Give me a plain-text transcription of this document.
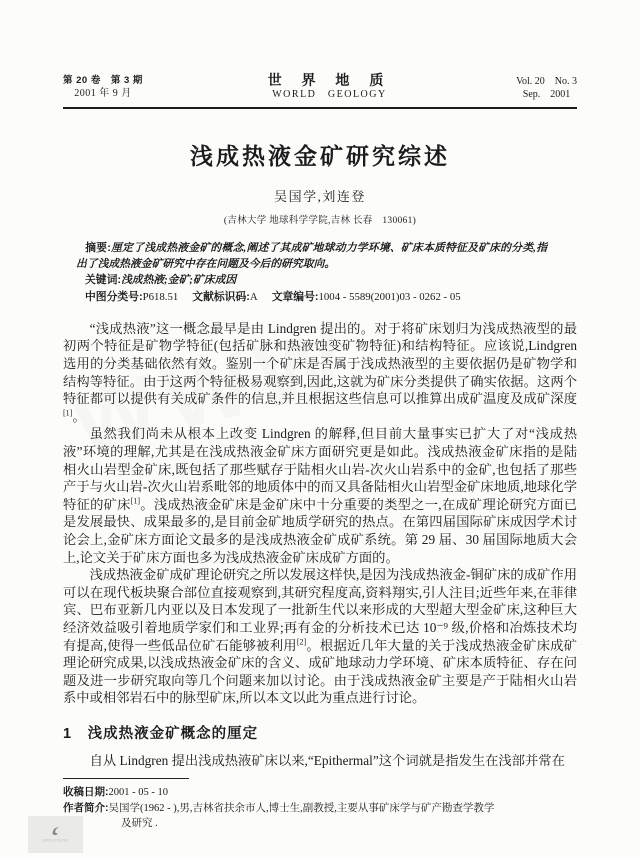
第 20 卷　第 3 期
2001 年 9 月
世 界 地 质
WORLD　GEOLOGY
Vol. 20　No. 3
Sep.　2001
浅成热液金矿研究综述
吴国学,刘连登
(吉林大学 地球科学学院,吉林 长春　130061)

摘要:厘定了浅成热液金矿的概念,阐述了其成矿地球动力学环境、矿床本质特征及矿床的分类,指出了浅成热液金矿研究中存在问题及今后的研究取向。

关键词:浅成热液;金矿;矿床成因

中图分类号:P618.51 文献标识码:A 文章编号:1004 - 5589(2001)03 - 0262 - 05

“浅成热液”这一概念最早是由 Lindgren 提出的。对于将矿床划归为浅成热液型的最初两个特征是矿物学特征(包括矿脉和热液蚀变矿物特征)和结构特征。应该说,Lindgren 选用的分类基础依然有效。鉴别一个矿床是否属于浅成热液型的主要依据仍是矿物学和结构等特征。由于这两个特征极易观察到,因此,这就为矿床分类提供了确实依据。这两个特征都可以提供有关成矿条件的信息,并且根据这些信息可以推算出成矿温度及成矿深度[1]。

虽然我们尚未从根本上改变 Lindgren 的解释,但目前大量事实已扩大了对“浅成热液”环境的理解,尤其是在浅成热液金矿床方面研究更是如此。浅成热液金矿床指的是陆相火山岩型金矿床,既包括了那些赋存于陆相火山岩-次火山岩系中的金矿,也包括了那些产于与火山岩-次火山岩系毗邻的地质体中的而又具备陆相火山岩型金矿床地质,地球化学特征的矿床[1]。浅成热液金矿床是金矿床中十分重要的类型之一,在成矿理论研究方面已是发展最快、成果最多的,是目前金矿地质学研究的热点。在第四届国际矿床成因学术讨论会上,金矿床方面论文最多的是浅成热液金矿成矿系统。第 29 届、30 届国际地质大会上,论文关于矿床方面也多为浅成热液金矿床成矿方面的。

浅成热液金矿成矿理论研究之所以发展这样快,是因为浅成热液金-铜矿床的成矿作用可以在现代板块聚合部位直接观察到,其研究程度高,资料翔实,引人注目;近些年来,在菲律宾、巴布亚新几内亚以及日本发现了一批新生代以来形成的大型超大型金矿床,这种巨大经济效益吸引着地质学家们和工业界;再有金的分析技术已达 10⁻⁹ 级,价格和冶炼技术均有提高,使得一些低品位矿石能够被利用[2]。根据近几年大量的关于浅成热液金矿床成矿理论研究成果,以浅成热液金矿床的含义、成矿地球动力学环境、矿床本质特征、存在问题及进一步研究取向等几个问题来加以讨论。由于浅成热液金矿主要是产于陆相火山岩系中或相邻岩石中的脉型矿床,所以本文以此为重点进行讨论。

1　浅成热液金矿概念的厘定

自从 Lindgren 提出浅成热液矿床以来,“Epithermal”这个词就是指发生在浅部并常在

收稿日期:2001 - 05 - 10

作者简介:吴国学(1962 - ),男,吉林省扶余市人,博士生,副教授,主要从事矿床学与矿产勘查学教学
及研究 .

www.cnki.net
